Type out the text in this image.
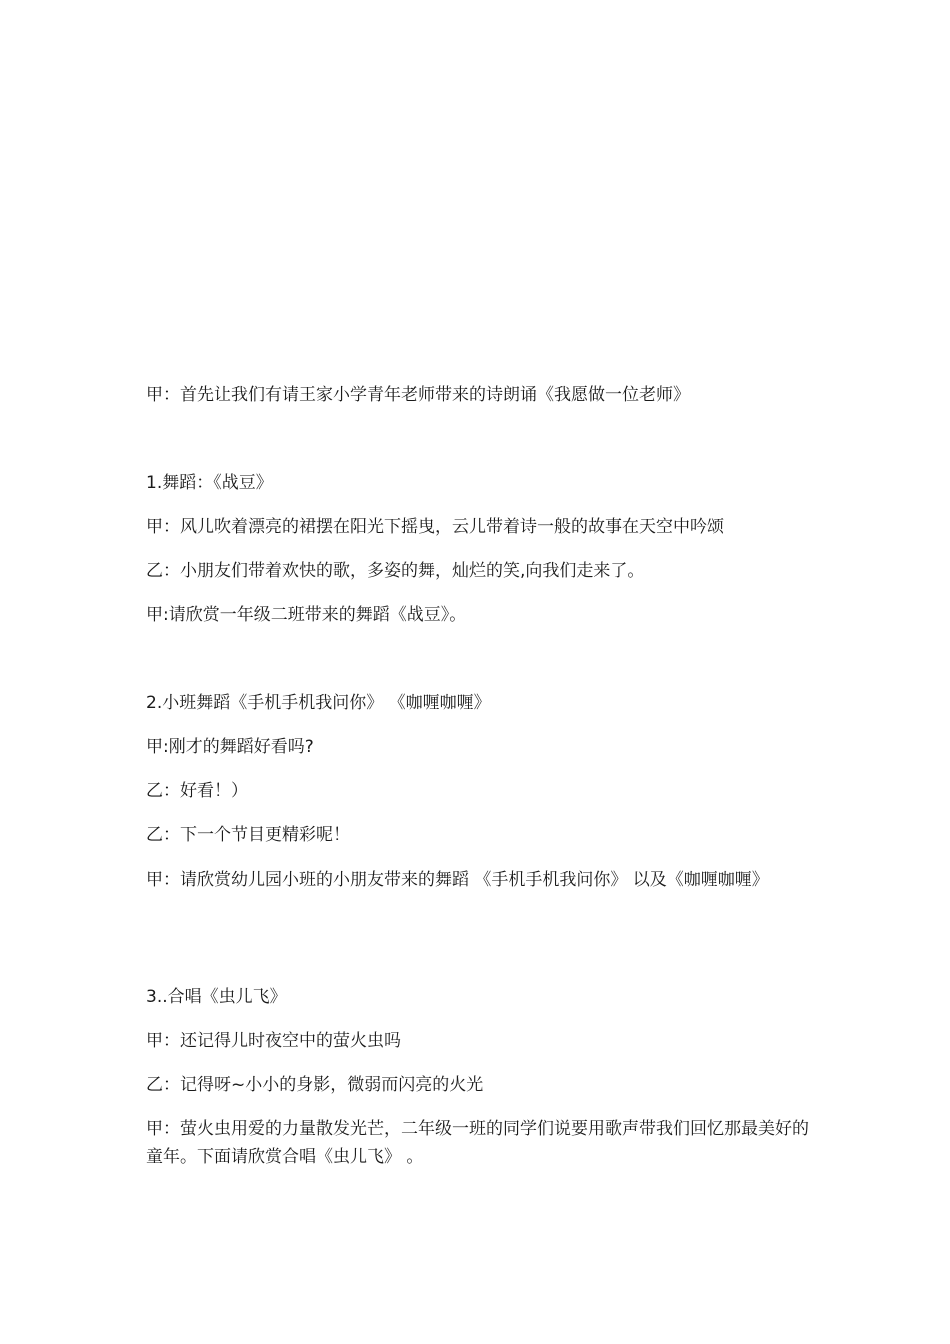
甲：首先让我们有请王家小学青年老师带来的诗朗诵《我愿做一位老师》
1.舞蹈：《战豆》
甲：风儿吹着漂亮的裙摆在阳光下摇曳，云儿带着诗一般的故事在天空中吟颂
乙：小朋友们带着欢快的歌，多姿的舞，灿烂的笑,向我们走来了。
甲:请欣赏一年级二班带来的舞蹈《战豆》。
2.小班舞蹈《手机手机我问你》 《咖喱咖喱》
甲:刚才的舞蹈好看吗?
乙：好看！）
乙：下一个节目更精彩呢！
甲：请欣赏幼儿园小班的小朋友带来的舞蹈 《手机手机我问你》 以及《咖喱咖喱》
3..合唱《虫儿飞》
甲：还记得儿时夜空中的萤火虫吗
乙：记得呀~小小的身影，微弱而闪亮的火光
甲：萤火虫用爱的力量散发光芒，二年级一班的同学们说要用歌声带我们回忆那最美好的童年。下面请欣赏合唱《虫儿飞》 。
